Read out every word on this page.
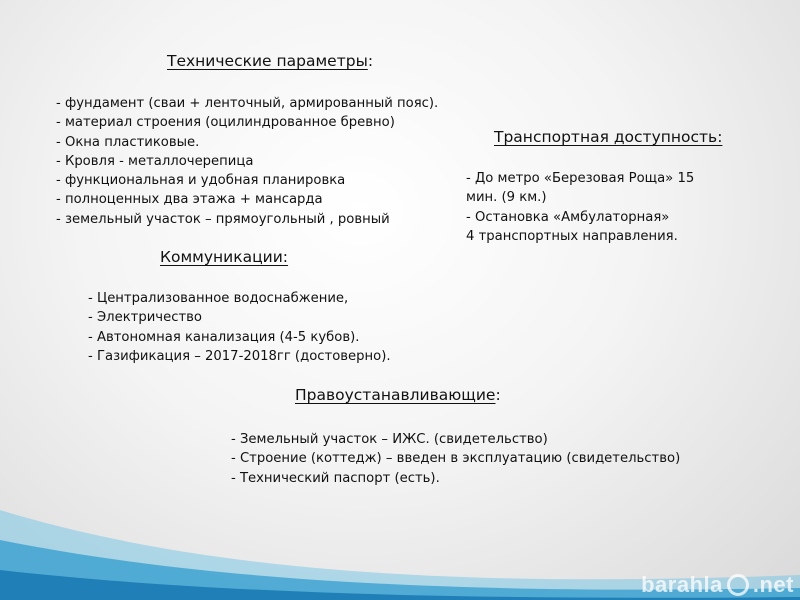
Технические параметры:
- фундамент (сваи + ленточный, армированный пояс).
- материал строения (оцилиндрованное бревно)
- Окна пластиковые.
- Кровля - металлочерепица
- функциональная и удобная планировка
- полноценных два этажа + мансарда
- земельный участок – прямоугольный , ровный
Транспортная доступность:
- До метро «Березовая Роща» 15
мин. (9 км.)
- Остановка «Амбулаторная»
4 транспортных направления.
Коммуникации:
- Централизованное водоснабжение,
- Электричество
- Автономная канализация (4-5 кубов).
- Газификация – 2017-2018гг (достоверно).
Правоустанавливающие:
- Земельный участок – ИЖС. (свидетельство)
- Строение (коттедж) – введен в эксплуатацию (свидетельство)
- Технический паспорт (есть).
barahla .net
